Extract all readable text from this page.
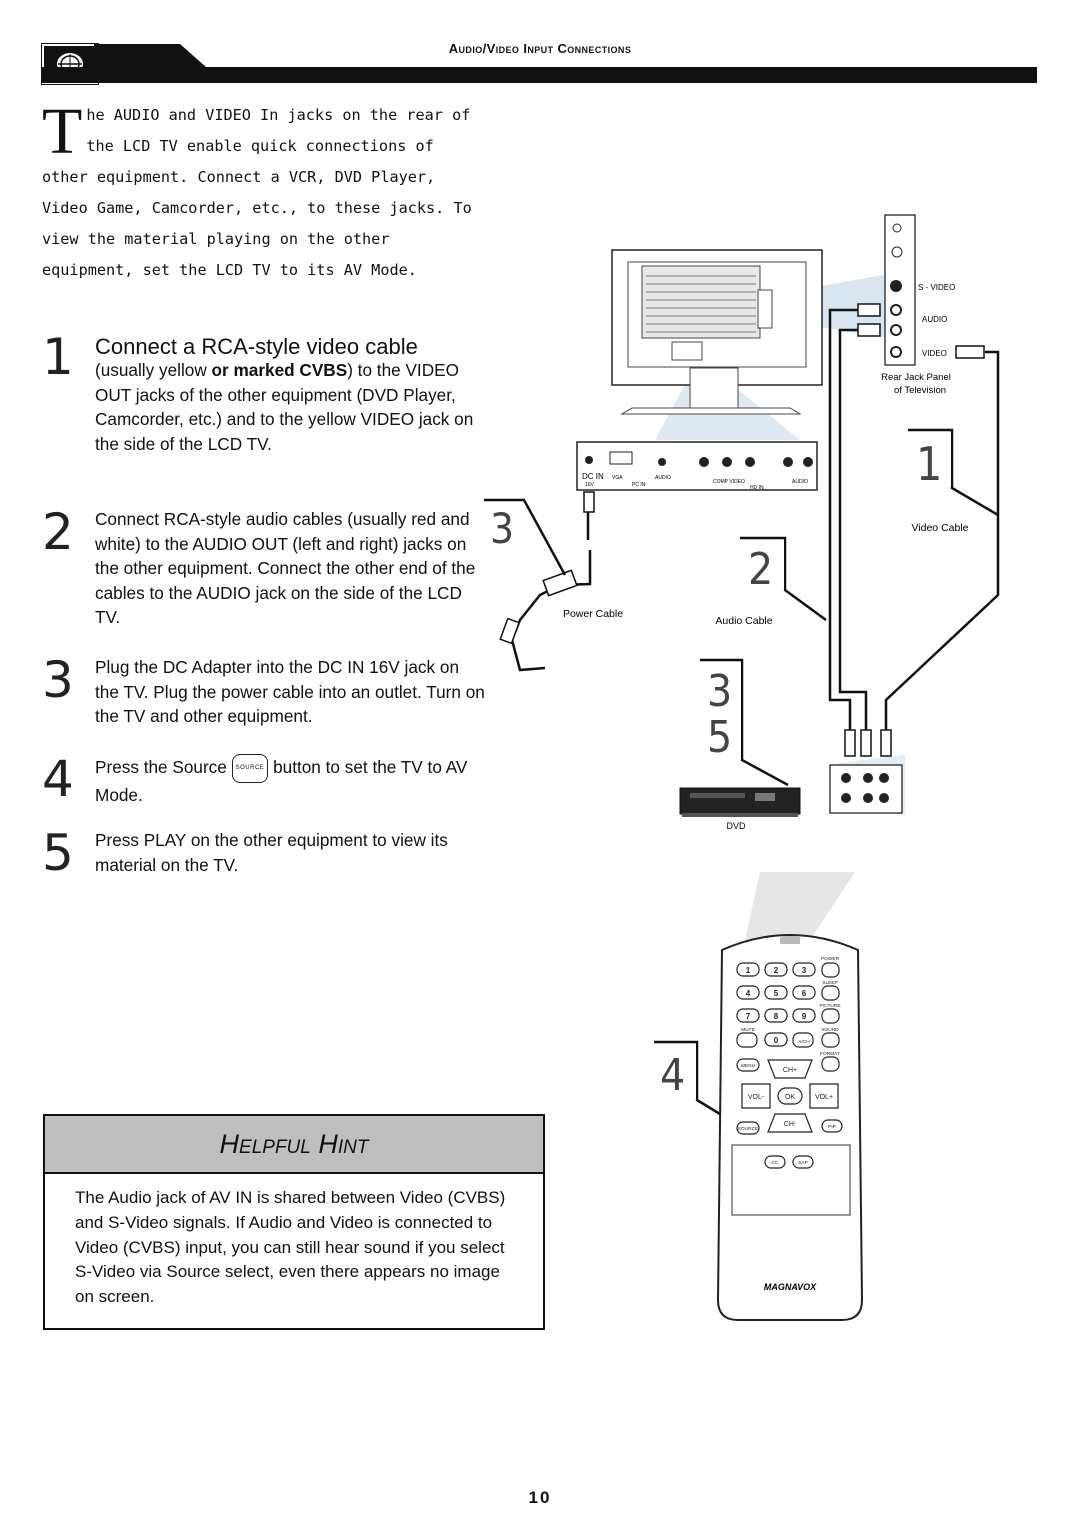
Audio/Video Input Connections
The AUDIO and VIDEO In jacks on the rear of the LCD TV enable quick connections of other equipment. Connect a VCR, DVD Player, Video Game, Camcorder, etc., to these jacks. To view the material playing on the other equipment, set the LCD TV to its AV Mode.
1 Connect a RCA-style video cable
(usually yellow or marked CVBS) to the VIDEO OUT jacks of the other equipment (DVD Player, Camcorder, etc.) and to the yellow VIDEO jack on the side of the LCD TV.
2 Connect RCA-style audio cables (usually red and white) to the AUDIO OUT (left and right) jacks on the other equipment. Connect the other end of the cables to the AUDIO jack on the side of the LCD TV.
3 Plug the DC Adapter into the DC IN 16V jack on the TV. Plug the power cable into an outlet. Turn on the TV and other equipment.
4 Press the Source SOURCE button to set the TV to AV Mode.
5 Press PLAY on the other equipment to view its material on the TV.
Helpful Hint
The Audio jack of AV IN is shared between Video (CVBS) and S-Video signals. If Audio and Video is connected to Video (CVBS) input, you can still hear sound if you select S-Video via Source select, even there appears no image on screen.
DC IN
16V
VGA	AUDIO
PC IN	COMP VIDEO
HD IN
AUDIO
S - VIDEO
AUDIO
VIDEO
Rear Jack Panel
of Television
1
3
2
3
5
4
Video Cable
Audio Cable
Power Cable
DVD
1	2	3
4	5	6
7	8	9
0
POWER
SLEEP
PICTURE
MUTE	SOUND
FORMAT
MENU
CH+
VOL-	OK	VOL+
SOURCE
CH-	PIP
CC	SAP
A/CH
MAGNAVOX
10
